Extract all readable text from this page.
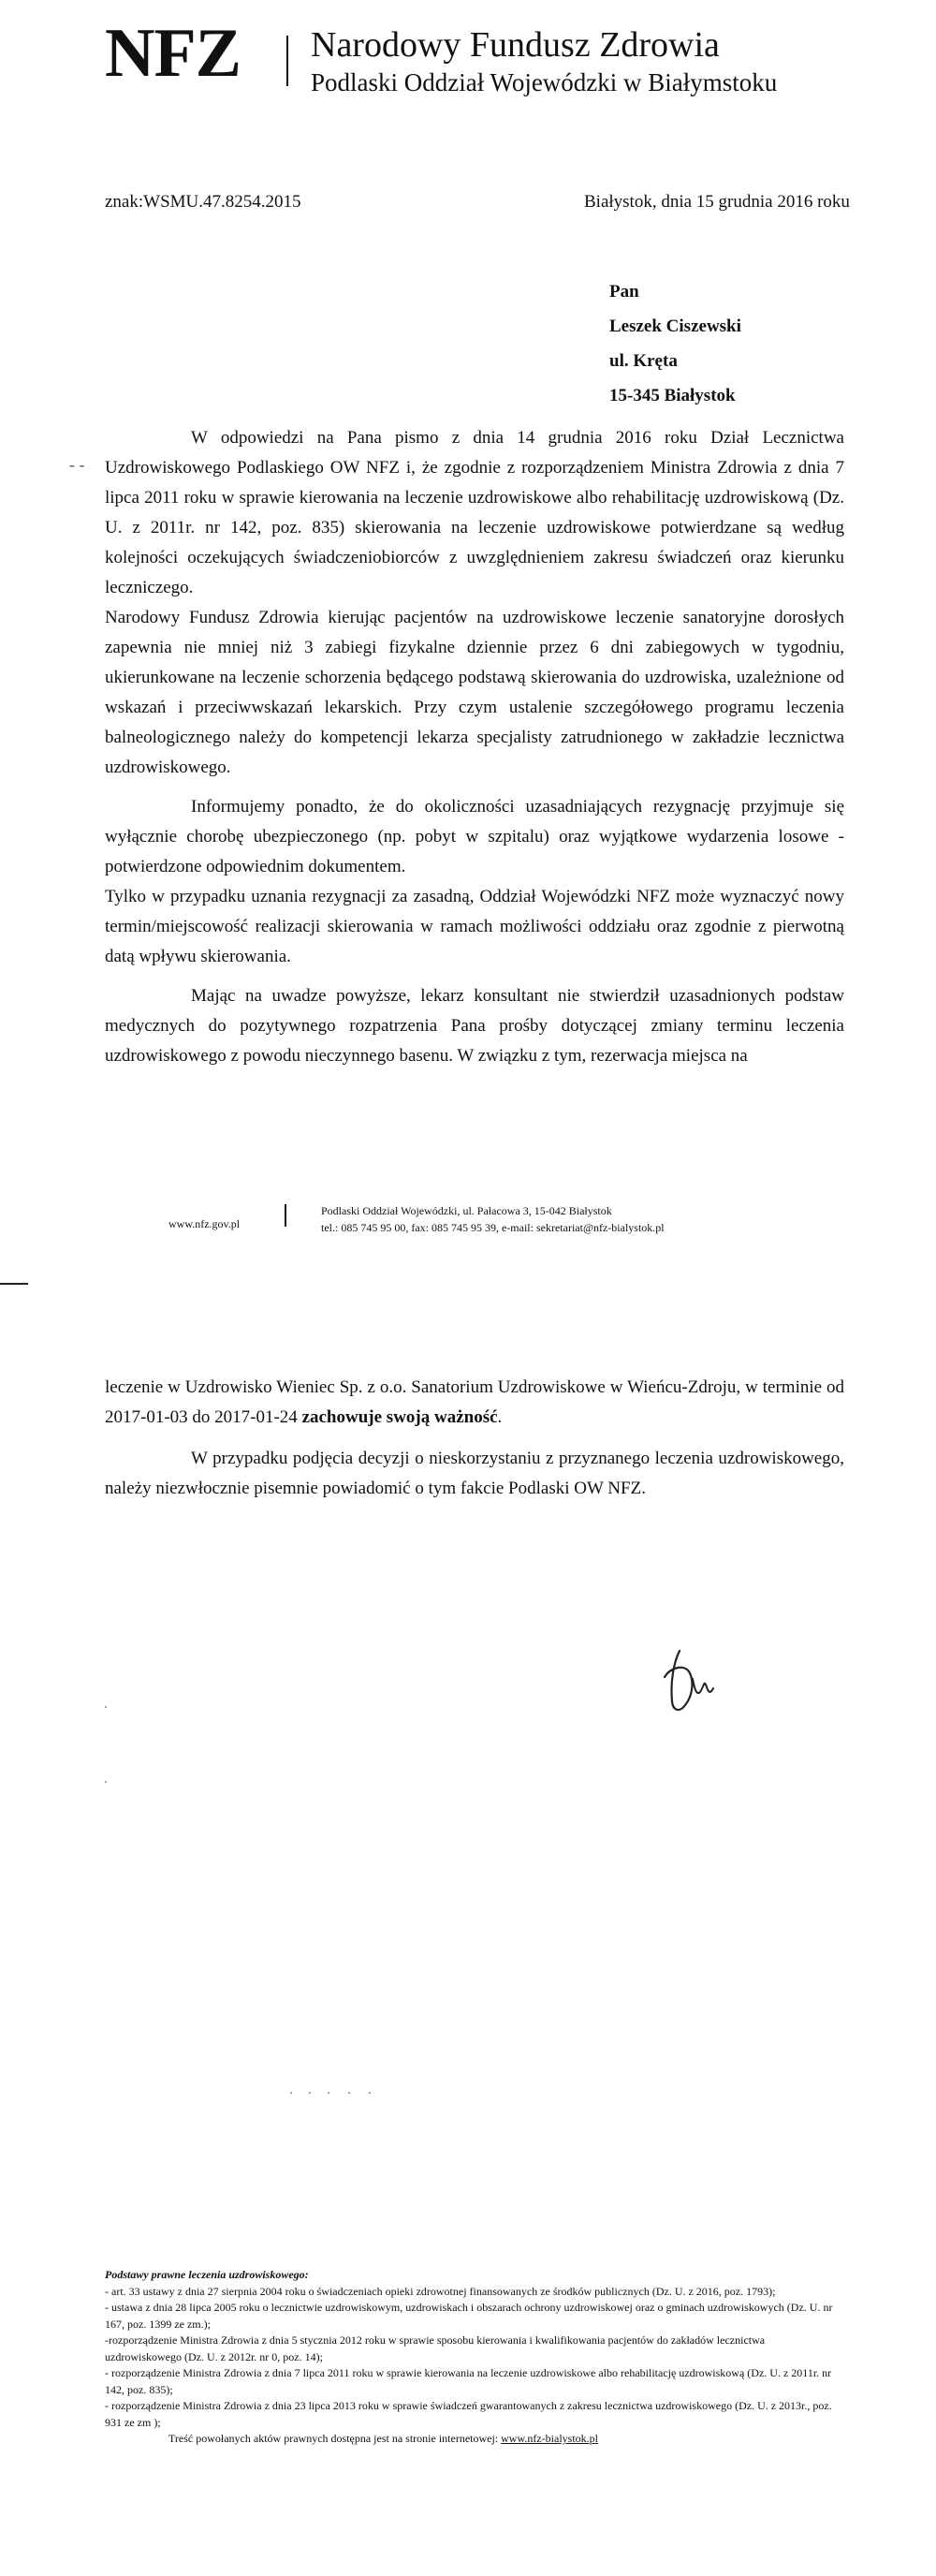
NFZ Narodowy Fundusz Zdrowia
Podlaski Oddział Wojewódzki w Białymstoku
znak:WSMU.47.8254.2015	Białystok, dnia 15 grudnia 2016 roku
Pan
Leszek Ciszewski
ul. Kręta
15-345 Białystok
- -

W odpowiedzi na Pana pismo z dnia 14 grudnia 2016 roku Dział Lecznictwa Uzdrowiskowego Podlaskiego OW NFZ i, że zgodnie z rozporządzeniem Ministra Zdrowia z dnia 7 lipca 2011 roku w sprawie kierowania na leczenie uzdrowiskowe albo rehabilitację uzdrowiskową (Dz. U. z 2011r. nr 142, poz. 835) skierowania na leczenie uzdrowiskowe potwierdzane są według kolejności oczekujących świadczeniobiorców z uwzględnieniem zakresu świadczeń oraz kierunku leczniczego.

Narodowy Fundusz Zdrowia kierując pacjentów na uzdrowiskowe leczenie sanatoryjne dorosłych zapewnia nie mniej niż 3 zabiegi fizykalne dziennie przez 6 dni zabiegowych w tygodniu, ukierunkowane na leczenie schorzenia będącego podstawą skierowania do uzdrowiska, uzależnione od wskazań i przeciwwskazań lekarskich. Przy czym ustalenie szczegółowego programu leczenia balneologicznego należy do kompetencji lekarza specjalisty zatrudnionego w zakładzie lecznictwa uzdrowiskowego.

Informujemy ponadto, że do okoliczności uzasadniających rezygnację przyjmuje się wyłącznie chorobę ubezpieczonego (np. pobyt w szpitalu) oraz wyjątkowe wydarzenia losowe - potwierdzone odpowiednim dokumentem.

Tylko w przypadku uznania rezygnacji za zasadną, Oddział Wojewódzki NFZ może wyznaczyć nowy termin/miejscowość realizacji skierowania w ramach możliwości oddziału oraz zgodnie z pierwotną datą wpływu skierowania.

Mając na uwadze powyższe, lekarz konsultant nie stwierdził uzasadnionych podstaw medycznych do pozytywnego rozpatrzenia Pana prośby dotyczącej zmiany terminu leczenia uzdrowiskowego z powodu nieczynnego basenu. W związku z tym, rezerwacja miejsca na

www.nfz.gov.pl
Podlaski Oddział Wojewódzki, ul. Pałacowa 3, 15-042 Białystok
tel.: 085 745 95 00, fax: 085 745 95 39, e-mail: sekretariat@nfz-bialystok.pl

leczenie w Uzdrowisko Wieniec Sp. z o.o. Sanatorium Uzdrowiskowe w Wieńcu-Zdroju, w terminie od 2017-01-03 do 2017-01-24 zachowuje swoją ważność.

W przypadku podjęcia decyzji o nieskorzystaniu z przyznanego leczenia uzdrowiskowego, należy niezwłocznie pisemnie powiadomić o tym fakcie Podlaski OW NFZ.

Podstawy prawne leczenia uzdrowiskowego:

- art. 33 ustawy z dnia 27 sierpnia 2004 roku o świadczeniach opieki zdrowotnej finansowanych ze środków publicznych (Dz. U. z 2016, poz. 1793);

- ustawa z dnia 28 lipca 2005 roku o lecznictwie uzdrowiskowym, uzdrowiskach i obszarach ochrony uzdrowiskowej oraz o gminach uzdrowiskowych (Dz. U. nr 167, poz. 1399 ze zm.);

-rozporządzenie Ministra Zdrowia z dnia 5 stycznia 2012 roku w sprawie sposobu kierowania i kwalifikowania pacjentów do zakładów lecznictwa uzdrowiskowego (Dz. U. z 2012r. nr 0, poz. 14);

- rozporządzenie Ministra Zdrowia z dnia 7 lipca 2011 roku w sprawie kierowania na leczenie uzdrowiskowe albo rehabilitację uzdrowiskową (Dz. U. z 2011r. nr 142, poz. 835);

- rozporządzenie Ministra Zdrowia z dnia 23 lipca 2013 roku w sprawie świadczeń gwarantowanych z zakresu lecznictwa uzdrowiskowego (Dz. U. z 2013r., poz. 931 ze zm );

Treść powołanych aktów prawnych dostępna jest na stronie internetowej: www.nfz-bialystok.pl
